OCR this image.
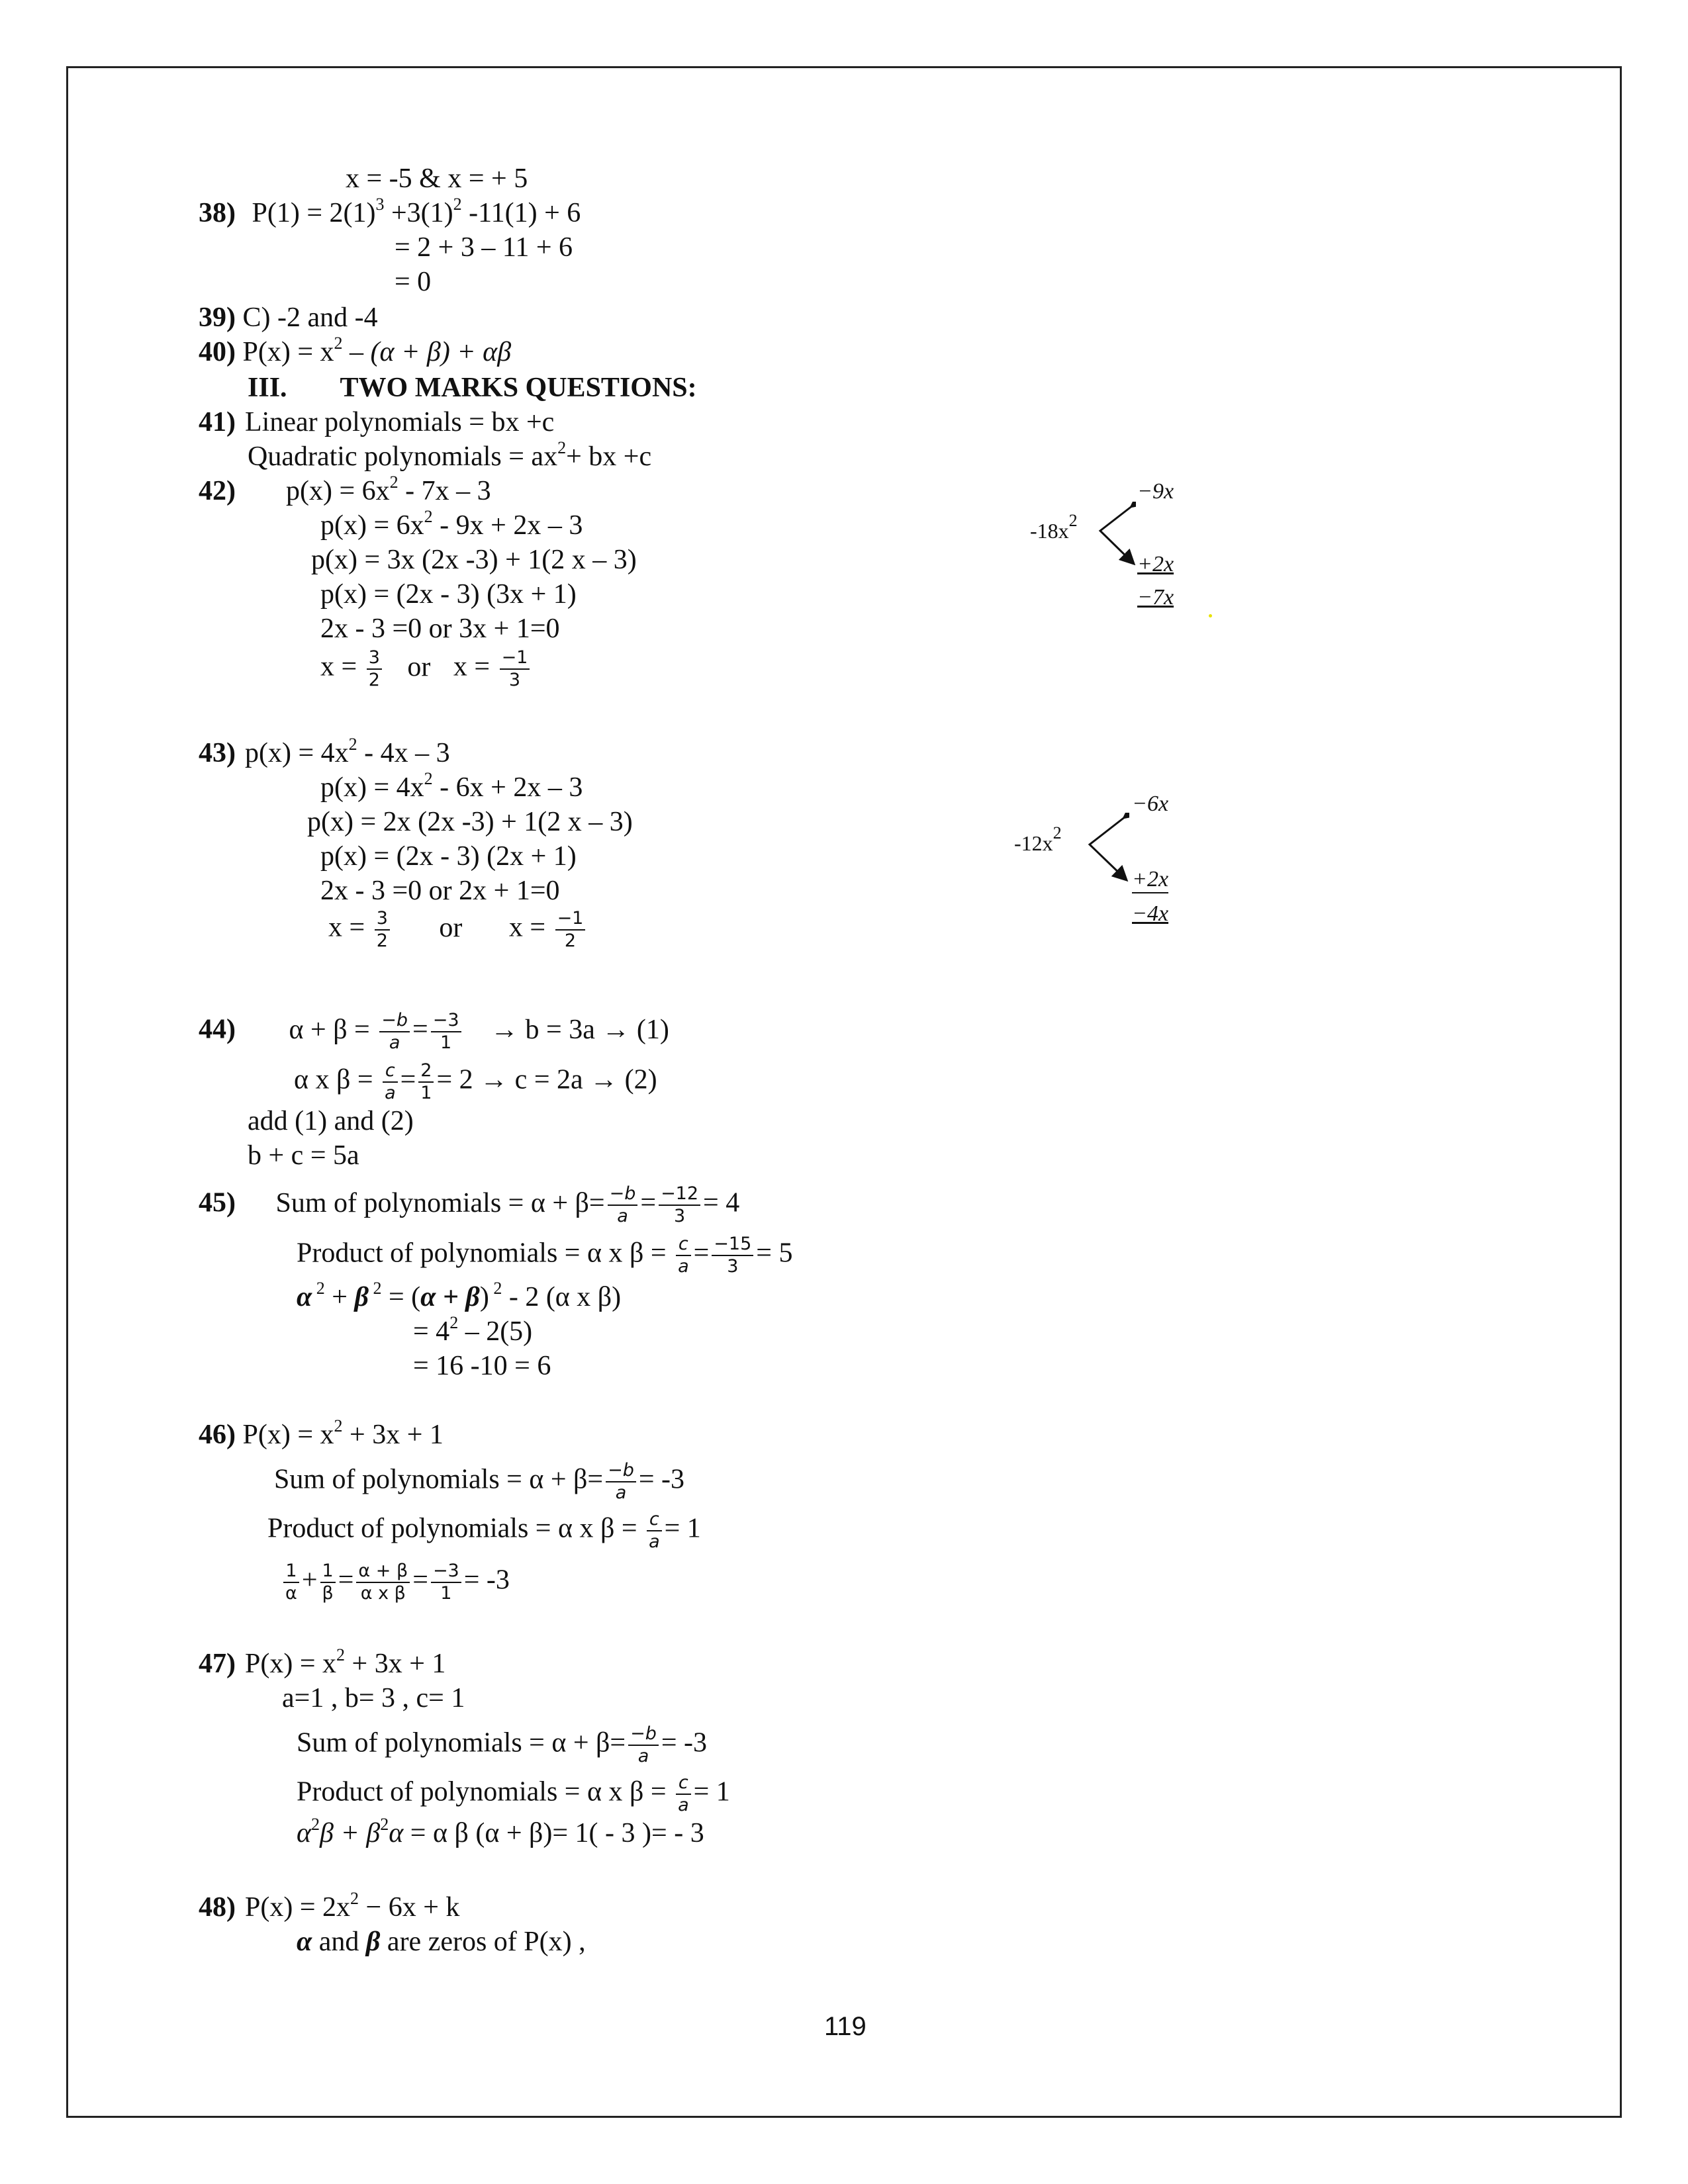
x = -5 & x = + 5
38) $P(1) = 2(1)^3 +3(1)^2$ -11(1) + 6
= 2 + 3 – 11 + 6
= 0
39) C) -2 and -4
40) $P(x) = x^2 - (\alpha + \beta) + \alpha\beta$
III. TWO MARKS QUESTIONS:
41) Linear polynomials = bx +c
Quadratic polynomials = $ax^2+$ bx +c
42) $p(x) = 6x^2 - 7x - 3$
$p(x) = 6x^2 - 9x + 2x - 3$
p(x) = 3x (2x -3) + 1(2 x – 3)
p(x) = (2x - 3) (3x + 1)
2x - 3 =0 or 3x + 1=0
$x = \frac{3}{2}$ or $x = \frac{-1}{3}$
$-18x^2$
−9x
+2x
−7x
43) $p(x) = 4x^2 - 4x - 3$
$p(x) = 4x^2 - 6x + 2x - 3$
p(x) = 2x (2x -3) + 1(2 x – 3)
p(x) = (2x - 3) (2x + 1)
2x - 3 =0 or 2x + 1=0
$x = \frac{3}{2}$ or $x = \frac{-1}{2}$
$-12x^2$
−6x
+2x
−4x
44) $\alpha + \beta = \frac{-b}{a} = \frac{-3}{1} \to b = 3a \to (1)$
α x $\beta = \frac{c}{a} = \frac{2}{1} = 2 \to c = 2a \to (2)$
add (1) and (2)
b + c = 5a
45) Sum of polynomials = $\alpha + \beta= \frac{-b}{a} = \frac{-12}{3} = 4$
Product of polynomials = α x $\beta = \frac{c}{a} = \frac{-15}{3} = 5$
α $^2$ + β $^2$ = (α + β) $^2$ - 2 (α x β)
= $4^2 - 2(5)$
= 16 -10 = 6
46) $P(x) = x^2 + 3x + 1$
Sum of polynomials = $\alpha + \beta= \frac{-b}{a} = -3$
Product of polynomials = α x $\beta = \frac{c}{a} = 1$
$\frac{1}{\alpha} + \frac{1}{\beta} = \frac{\alpha + \beta}{\text{α x β}} = \frac{-3}{1} = -3$
47) $P(x) = x^2 + 3x + 1$
a=1 , b= 3 , c= 1
Sum of polynomials = $\alpha + \beta= \frac{-b}{a} = -3$
Product of polynomials = α x $\beta = \frac{c}{a} = 1$
$\alpha^2\beta + \beta^2\alpha = \alpha$ β (α + β)= 1( - 3 )= - 3
48) $P(x) = 2x^2 - 6x + k$
α and β are zeros of P(x) ,
119
